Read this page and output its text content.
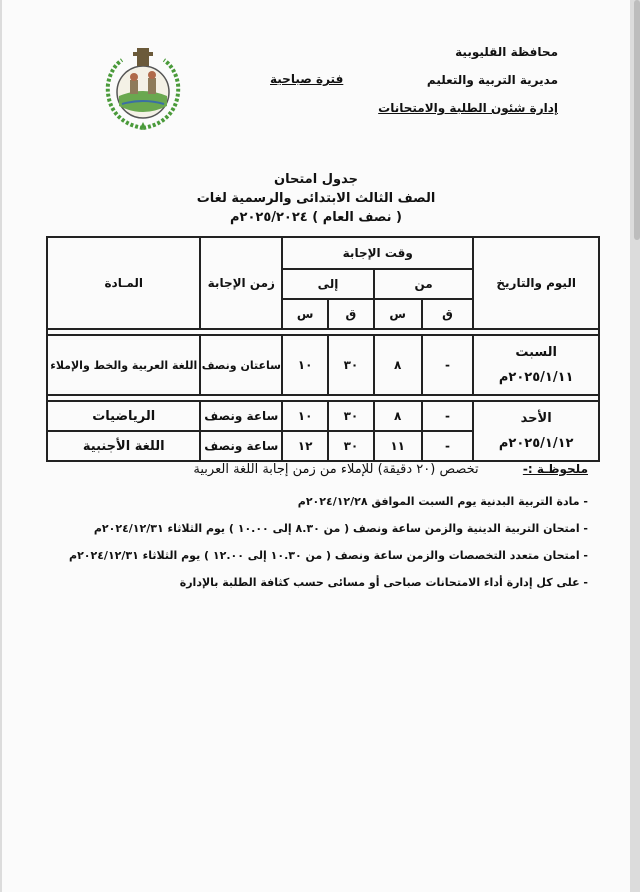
محافظة القليوبية
مديرية التربية والتعليم
إدارة شئون الطلبة والامتحانات
فترة صباحية
جدول امتحان
الصف الثالث الابتدائى والرسمية لغات
( نصف العام ) ٢٠٢٥/٢٠٢٤م
اليوم والتاريخ	وقت الإجابة				زمن الإجابة	المـادة
	من		إلى			
	ق	س	ق	س		

السبت
٢٠٢٥/١/١١م	-	٨	٣٠	١٠	ساعتان ونصف	اللغة العربية والخط والإملاء

الأحد
٢٠٢٥/١/١٢م	-	٨	٣٠	١٠	ساعة ونصف	الرياضيات
	-	١١	٣٠	١٢	ساعة ونصف	اللغة الأجنبية
ملحوظـة :- تخصص (٢٠ دقيقة) للإملاء من زمن إجابة اللغة العربية
- مادة التربية البدنية يوم السبت الموافق ٢٠٢٤/١٢/٢٨م
- امتحان التربية الدينية والزمن ساعة ونصف ( من ٨.٣٠ إلى ١٠.٠٠ ) يوم الثلاثاء ٢٠٢٤/١٢/٣١م
- امتحان متعدد التخصصات والزمن ساعة ونصف ( من ١٠.٣٠ إلى ١٢.٠٠ ) يوم الثلاثاء ٢٠٢٤/١٢/٣١م
- على كل إدارة أداء الامتحانات صباحى أو مسائى حسب كثافة الطلبة بالإدارة
